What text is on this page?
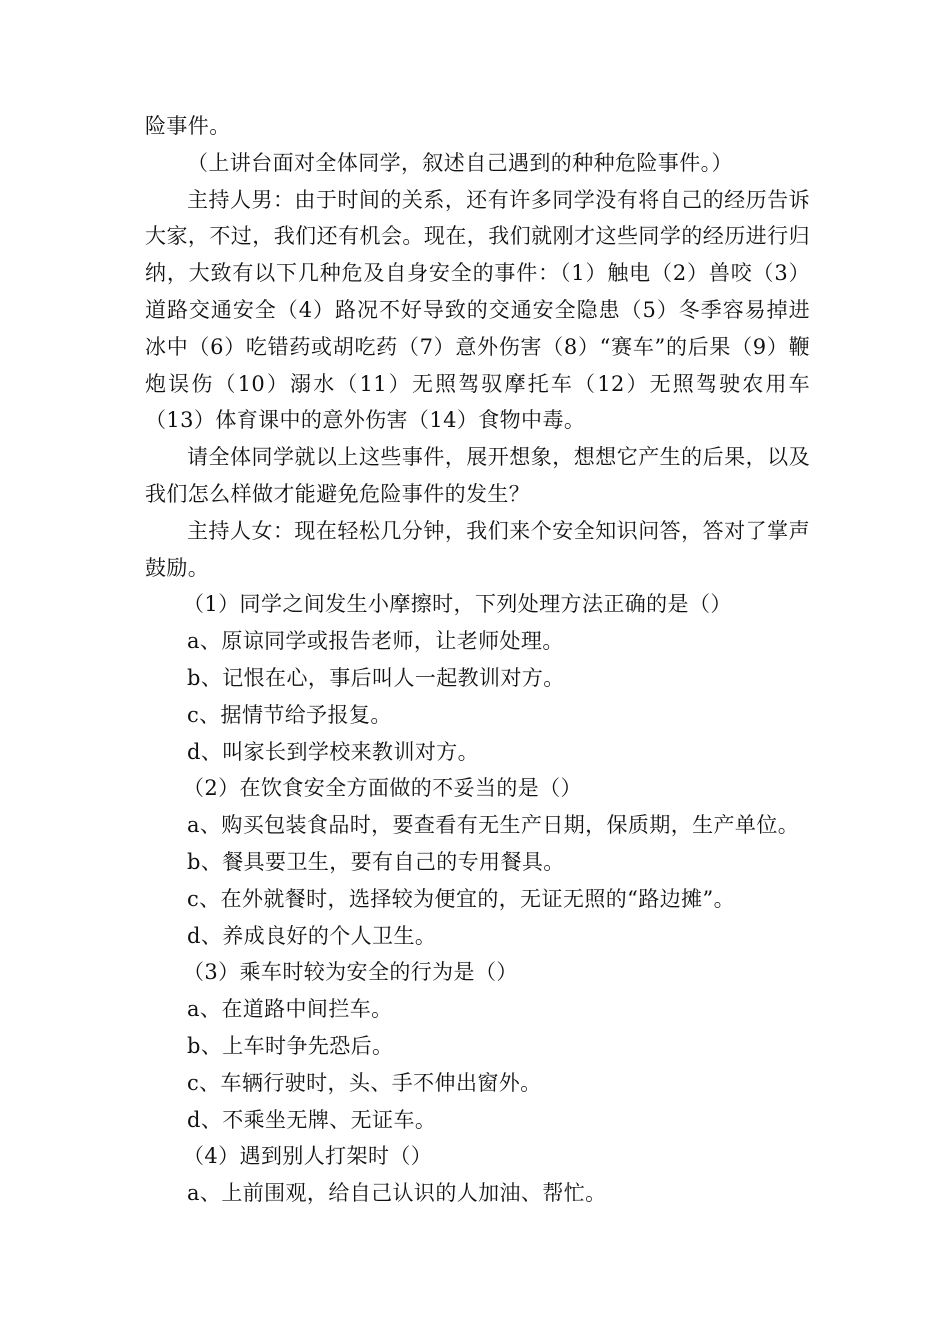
险事件。

（上讲台面对全体同学，叙述自己遇到的种种危险事件。）

主持人男：由于时间的关系，还有许多同学没有将自己的经历告诉大家，不过，我们还有机会。现在，我们就刚才这些同学的经历进行归纳，大致有以下几种危及自身安全的事件：（1）触电（2）兽咬（3）道路交通安全（4）路况不好导致的交通安全隐患（5）冬季容易掉进冰中（6）吃错药或胡吃药（7）意外伤害（8）“赛车”的后果（9）鞭炮误伤（10）溺水（11）无照驾驭摩托车（12）无照驾驶农用车（13）体育课中的意外伤害（14）食物中毒。

请全体同学就以上这些事件，展开想象，想想它产生的后果，以及我们怎么样做才能避免危险事件的发生？

主持人女：现在轻松几分钟，我们来个安全知识问答，答对了掌声鼓励。

（1）同学之间发生小摩擦时，下列处理方法正确的是（）

a、原谅同学或报告老师，让老师处理。

b、记恨在心，事后叫人一起教训对方。

c、据情节给予报复。

d、叫家长到学校来教训对方。

（2）在饮食安全方面做的不妥当的是（）

a、购买包装食品时，要查看有无生产日期，保质期，生产单位。

b、餐具要卫生，要有自己的专用餐具。

c、在外就餐时，选择较为便宜的，无证无照的“路边摊”。

d、养成良好的个人卫生。

（3）乘车时较为安全的行为是（）

a、在道路中间拦车。

b、上车时争先恐后。

c、车辆行驶时，头、手不伸出窗外。

d、不乘坐无牌、无证车。

（4）遇到别人打架时（）

a、上前围观，给自己认识的人加油、帮忙。
